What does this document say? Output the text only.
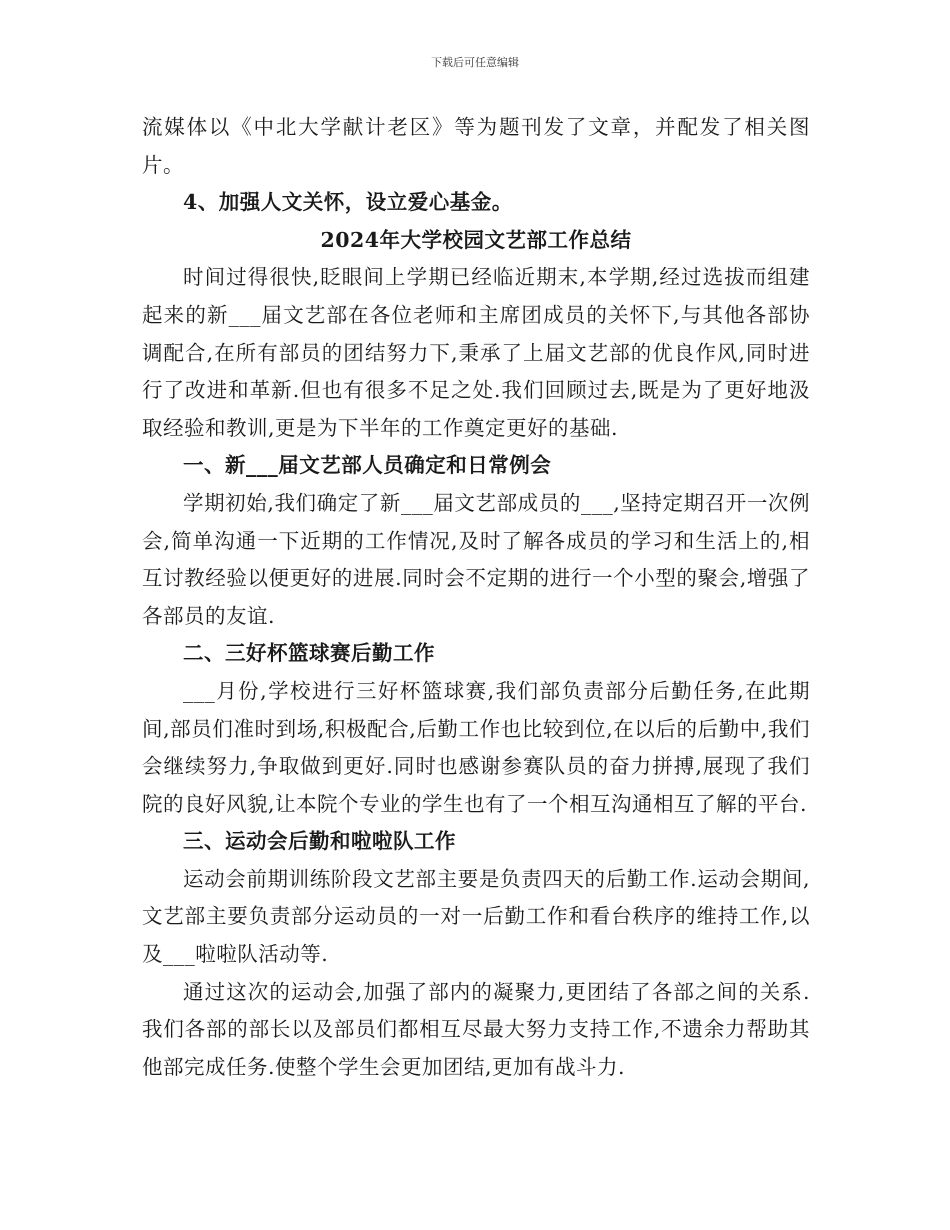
下载后可任意编辑

流媒体以《中北大学献计老区》等为题刊发了文章，并配发了相关图片。

4、加强人文关怀，设立爱心基金。

2024年大学校园文艺部工作总结

时间过得很快,眨眼间上学期已经临近期末,本学期,经过选拔而组建起来的新___届文艺部在各位老师和主席团成员的关怀下,与其他各部协调配合,在所有部员的团结努力下,秉承了上届文艺部的优良作风,同时进行了改进和革新.但也有很多不足之处.我们回顾过去,既是为了更好地汲取经验和教训,更是为下半年的工作奠定更好的基础.

一、新___届文艺部人员确定和日常例会

学期初始,我们确定了新___届文艺部成员的___,坚持定期召开一次例会,简单沟通一下近期的工作情况,及时了解各成员的学习和生活上的,相互讨教经验以便更好的进展.同时会不定期的进行一个小型的聚会,增强了各部员的友谊.

二、三好杯篮球赛后勤工作

___月份,学校进行三好杯篮球赛,我们部负责部分后勤任务,在此期间,部员们准时到场,积极配合,后勤工作也比较到位,在以后的后勤中,我们会继续努力,争取做到更好.同时也感谢参赛队员的奋力拼搏,展现了我们院的良好风貌,让本院个专业的学生也有了一个相互沟通相互了解的平台.

三、运动会后勤和啦啦队工作

运动会前期训练阶段文艺部主要是负责四天的后勤工作.运动会期间,文艺部主要负责部分运动员的一对一后勤工作和看台秩序的维持工作,以及___啦啦队活动等.

通过这次的运动会,加强了部内的凝聚力,更团结了各部之间的关系.我们各部的部长以及部员们都相互尽最大努力支持工作,不遗余力帮助其他部完成任务.使整个学生会更加团结,更加有战斗力.
